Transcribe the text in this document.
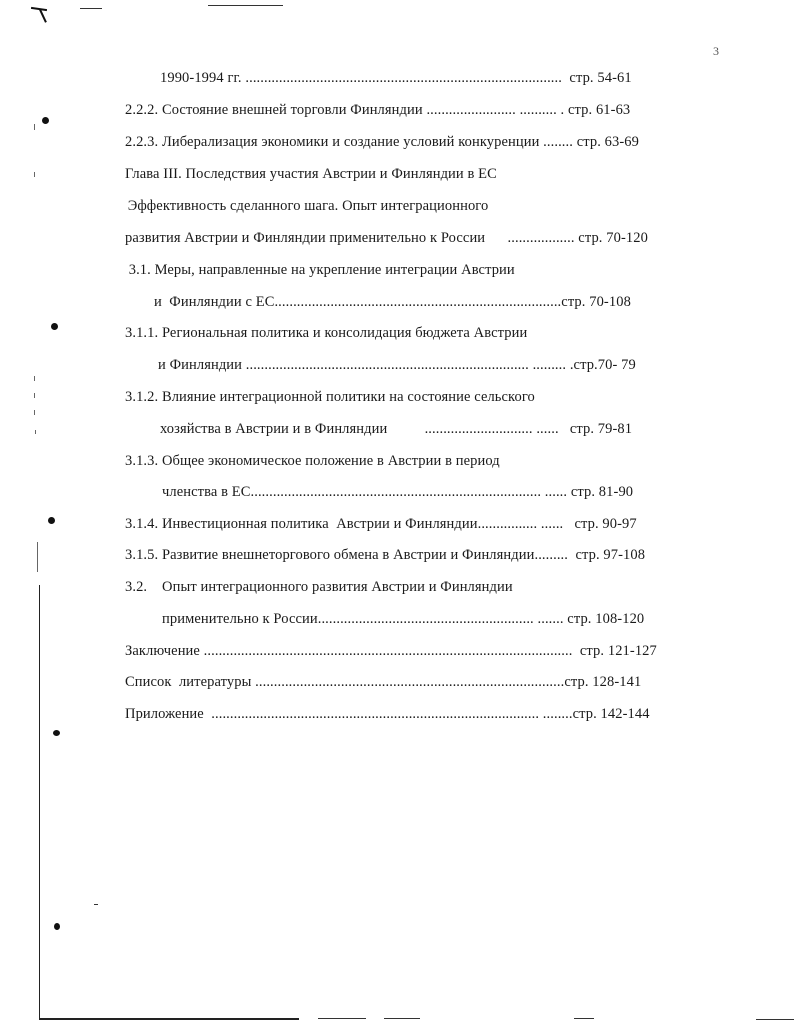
3
1990-1994 гг. .....................................................................................  стр. 54-61
2.2.2. Состояние внешней торговли Финляндии ........................ .......... . стр. 61-63
2.2.3. Либерализация экономики и создание условий конкуренции ........ стр. 63-69
Глава III. Последствия участия Австрии и Финляндии в ЕС
Эффективность сделанного шага. Опыт интеграционного
развития Австрии и Финляндии применительно к России      .................. стр. 70-120
3.1. Меры, направленные на укрепление интеграции Австрии
и  Финляндии с ЕС.............................................................................стр. 70-108
3.1.1. Региональная политика и консолидация бюджета Австрии
и Финляндии ............................................................................ ......... .стр.70- 79
3.1.2. Влияние интеграционной политики на состояние сельского
хозяйства в Австрии и в Финляндии          ............................. ......   стр. 79-81
3.1.3. Общее экономическое положение в Австрии в период
членства в ЕС.............................................................................. ...... стр. 81-90
3.1.4. Инвестиционная политика  Австрии и Финляндии................ ......   стр. 90-97
3.1.5. Развитие внешнеторгового обмена в Австрии и Финляндии.........  стр. 97-108
3.2.    Опыт интеграционного развития Австрии и Финляндии
применительно к России.......................................................... ....... стр. 108-120
Заключение ...................................................................................................  стр. 121-127
Список  литературы ...................................................................................стр. 128-141
Приложение  ........................................................................................ ........стр. 142-144
